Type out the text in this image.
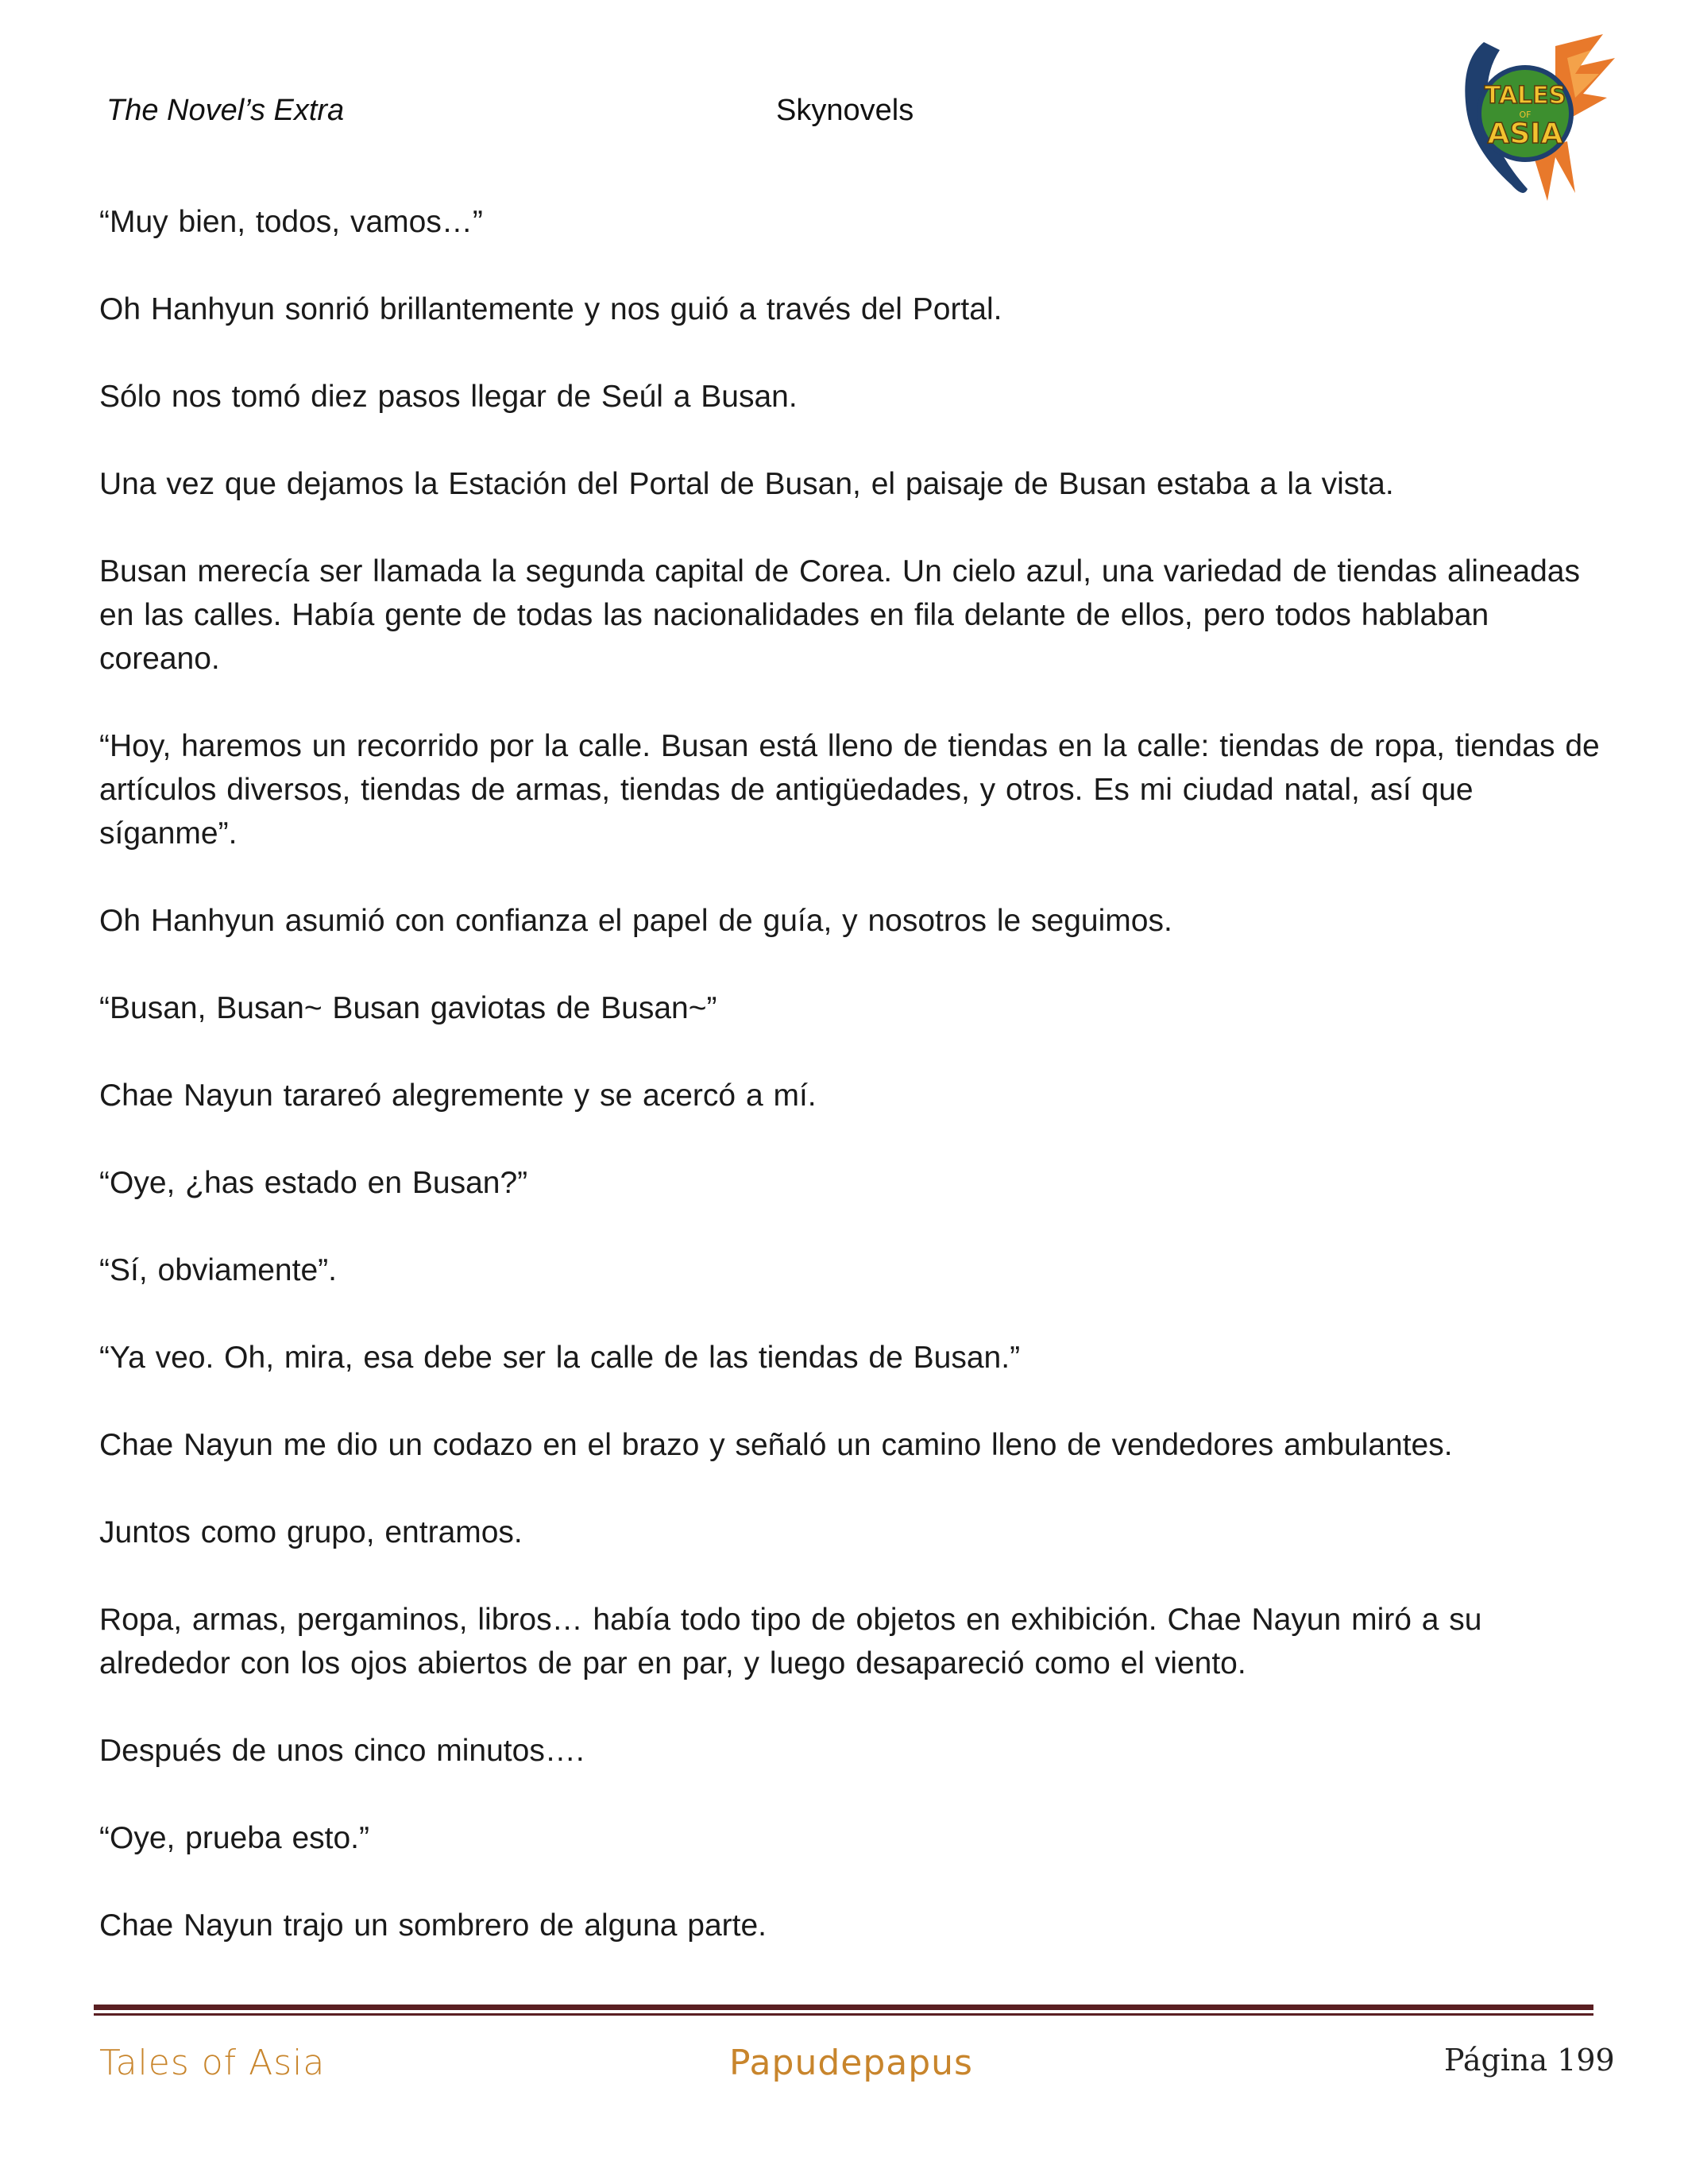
The Novel’s Extra	Skynovels	TALES
OF
ASIA

“Muy bien, todos, vamos…”

Oh Hanhyun sonrió brillantemente y nos guió a través del Portal.

Sólo nos tomó diez pasos llegar de Seúl a Busan.

Una vez que dejamos la Estación del Portal de Busan, el paisaje de Busan estaba a la vista.

Busan merecía ser llamada la segunda capital de Corea. Un cielo azul, una variedad de tiendas alineadas en las calles. Había gente de todas las nacionalidades en fila delante de ellos, pero todos hablaban coreano.

“Hoy, haremos un recorrido por la calle. Busan está lleno de tiendas en la calle: tiendas de ropa, tiendas de artículos diversos, tiendas de armas, tiendas de antigüedades, y otros. Es mi ciudad natal, así que síganme”.

Oh Hanhyun asumió con confianza el papel de guía, y nosotros le seguimos.

“Busan, Busan~ Busan gaviotas de Busan~”

Chae Nayun tarareó alegremente y se acercó a mí.

“Oye, ¿has estado en Busan?”

“Sí, obviamente”.

“Ya veo. Oh, mira, esa debe ser la calle de las tiendas de Busan.”

Chae Nayun me dio un codazo en el brazo y señaló un camino lleno de vendedores ambulantes.

Juntos como grupo, entramos.

Ropa, armas, pergaminos, libros… había todo tipo de objetos en exhibición. Chae Nayun miró a su alrededor con los ojos abiertos de par en par, y luego desapareció como el viento.

Después de unos cinco minutos….

“Oye, prueba esto.”

Chae Nayun trajo un sombrero de alguna parte.

Tales of Asia	Papudepapus	Página 199
